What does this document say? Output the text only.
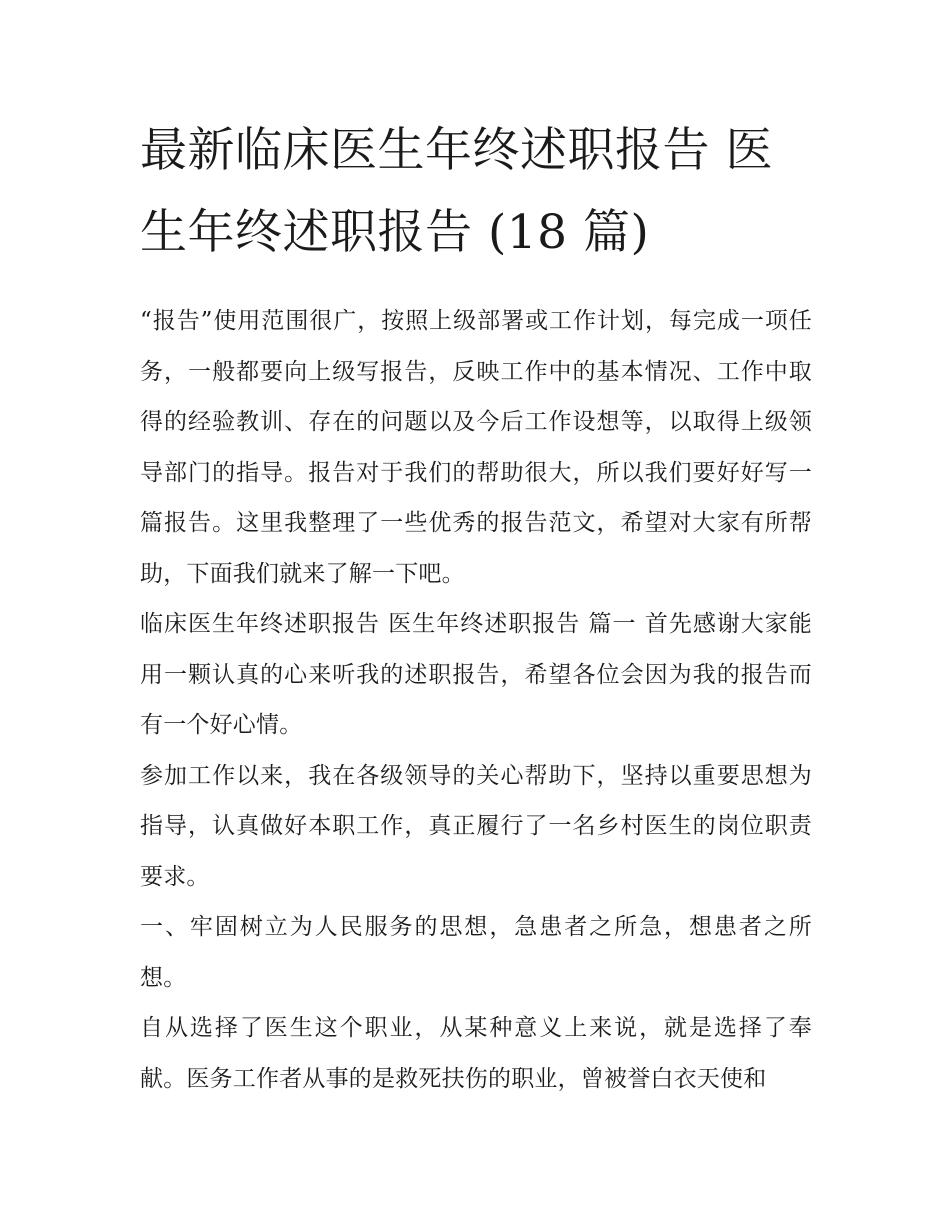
最新临床医生年终述职报告 医生年终述职报告 (18 篇)

“报告”使用范围很广，按照上级部署或工作计划，每完成一项任务，一般都要向上级写报告，反映工作中的基本情况、工作中取得的经验教训、存在的问题以及今后工作设想等，以取得上级领导部门的指导。报告对于我们的帮助很大，所以我们要好好写一篇报告。这里我整理了一些优秀的报告范文，希望对大家有所帮助，下面我们就来了解一下吧。

临床医生年终述职报告 医生年终述职报告 篇一 首先感谢大家能用一颗认真的心来听我的述职报告，希望各位会因为我的报告而有一个好心情。

参加工作以来，我在各级领导的关心帮助下，坚持以重要思想为指导，认真做好本职工作，真正履行了一名乡村医生的岗位职责要求。

一、牢固树立为人民服务的思想，急患者之所急，想患者之所想。

自从选择了医生这个职业，从某种意义上来说，就是选择了奉献。医务工作者从事的是救死扶伤的职业，曾被誉白衣天使和
